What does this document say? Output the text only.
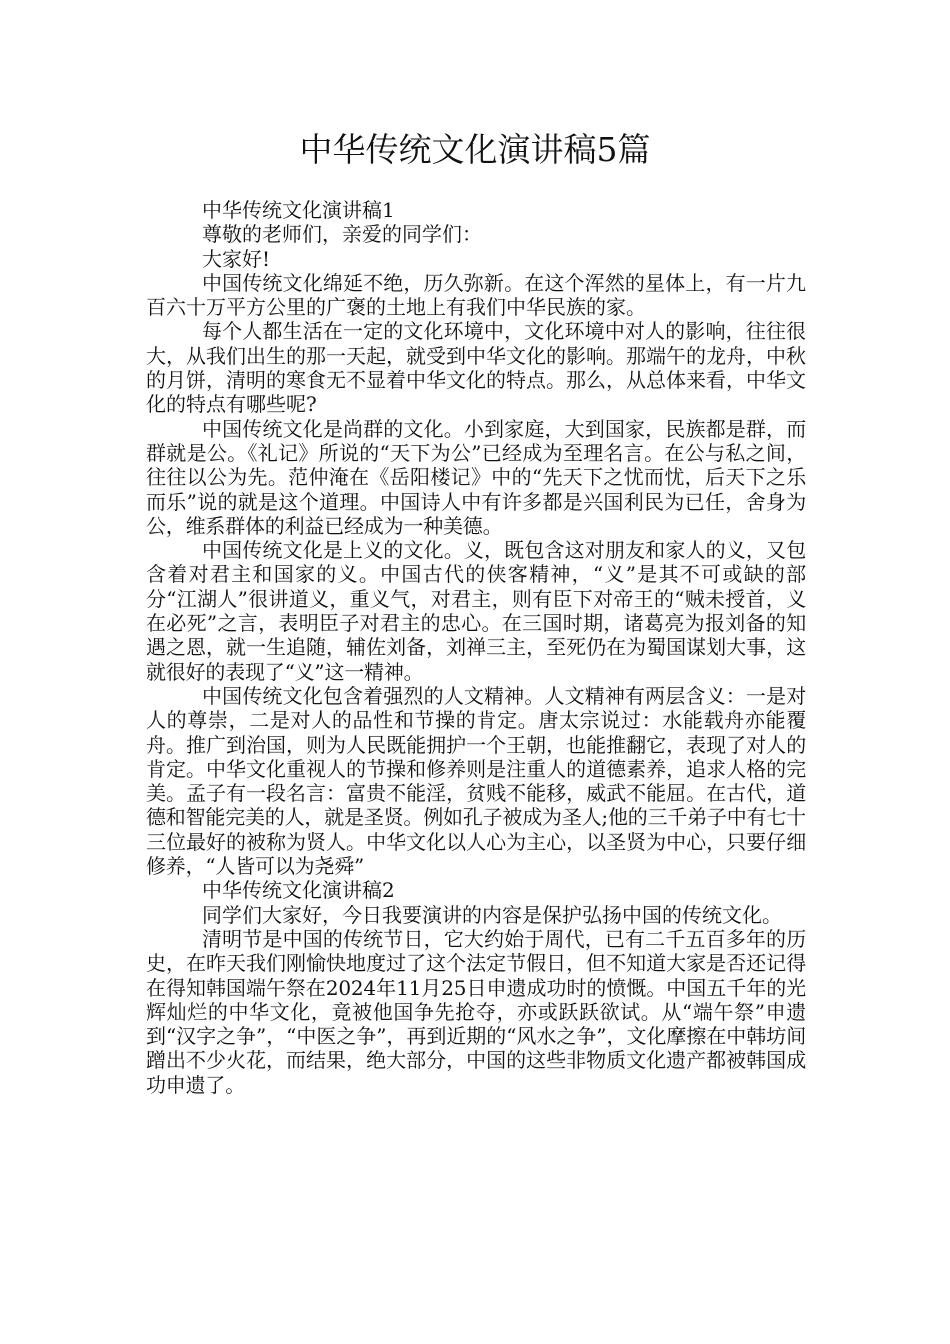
中华传统文化演讲稿5篇

中华传统文化演讲稿1

尊敬的老师们，亲爱的同学们：

大家好!

中国传统文化绵延不绝，历久弥新。在这个浑然的星体上，有一片九百六十万平方公里的广褒的土地上有我们中华民族的家。

每个人都生活在一定的文化环境中，文化环境中对人的影响，往往很大，从我们出生的那一天起，就受到中华文化的影响。那端午的龙舟，中秋的月饼，清明的寒食无不显着中华文化的特点。那么，从总体来看，中华文化的特点有哪些呢?

中国传统文化是尚群的文化。小到家庭，大到国家，民族都是群，而群就是公。《礼记》所说的“天下为公”已经成为至理名言。在公与私之间，往往以公为先。范仲淹在《岳阳楼记》中的“先天下之忧而忧，后天下之乐而乐”说的就是这个道理。中国诗人中有许多都是兴国利民为已任，舍身为公，维系群体的利益已经成为一种美德。

中国传统文化是上义的文化。义，既包含这对朋友和家人的义，又包含着对君主和国家的义。中国古代的侠客精神，“义”是其不可或缺的部分“江湖人”很讲道义，重义气，对君主，则有臣下对帝王的“贼未授首，义在必死”之言，表明臣子对君主的忠心。在三国时期，诸葛亮为报刘备的知遇之恩，就一生追随，辅佐刘备，刘禅三主，至死仍在为蜀国谋划大事，这就很好的表现了“义”这一精神。

中国传统文化包含着强烈的人文精神。人文精神有两层含义：一是对人的尊崇，二是对人的品性和节操的肯定。唐太宗说过：水能载舟亦能覆舟。推广到治国，则为人民既能拥护一个王朝，也能推翻它，表现了对人的肯定。中华文化重视人的节操和修养则是注重人的道德素养，追求人格的完美。孟子有一段名言：富贵不能淫，贫贱不能移，威武不能屈。在古代，道德和智能完美的人，就是圣贤。例如孔子被成为圣人;他的三千弟子中有七十三位最好的被称为贤人。中华文化以人心为主心，以圣贤为中心，只要仔细修养，“人皆可以为尧舜”

中华传统文化演讲稿2

同学们大家好，今日我要演讲的内容是保护弘扬中国的传统文化。

清明节是中国的传统节日，它大约始于周代，已有二千五百多年的历史，在昨天我们刚愉快地度过了这个法定节假日，但不知道大家是否还记得在得知韩国端午祭在2024年11月25日申遗成功时的愤慨。中国五千年的光辉灿烂的中华文化，竟被他国争先抢夺，亦或跃跃欲试。从“端午祭”申遗到“汉字之争”，“中医之争”，再到近期的“风水之争”，文化摩擦在中韩坊间蹭出不少火花，而结果，绝大部分，中国的这些非物质文化遗产都被韩国成功申遗了。
